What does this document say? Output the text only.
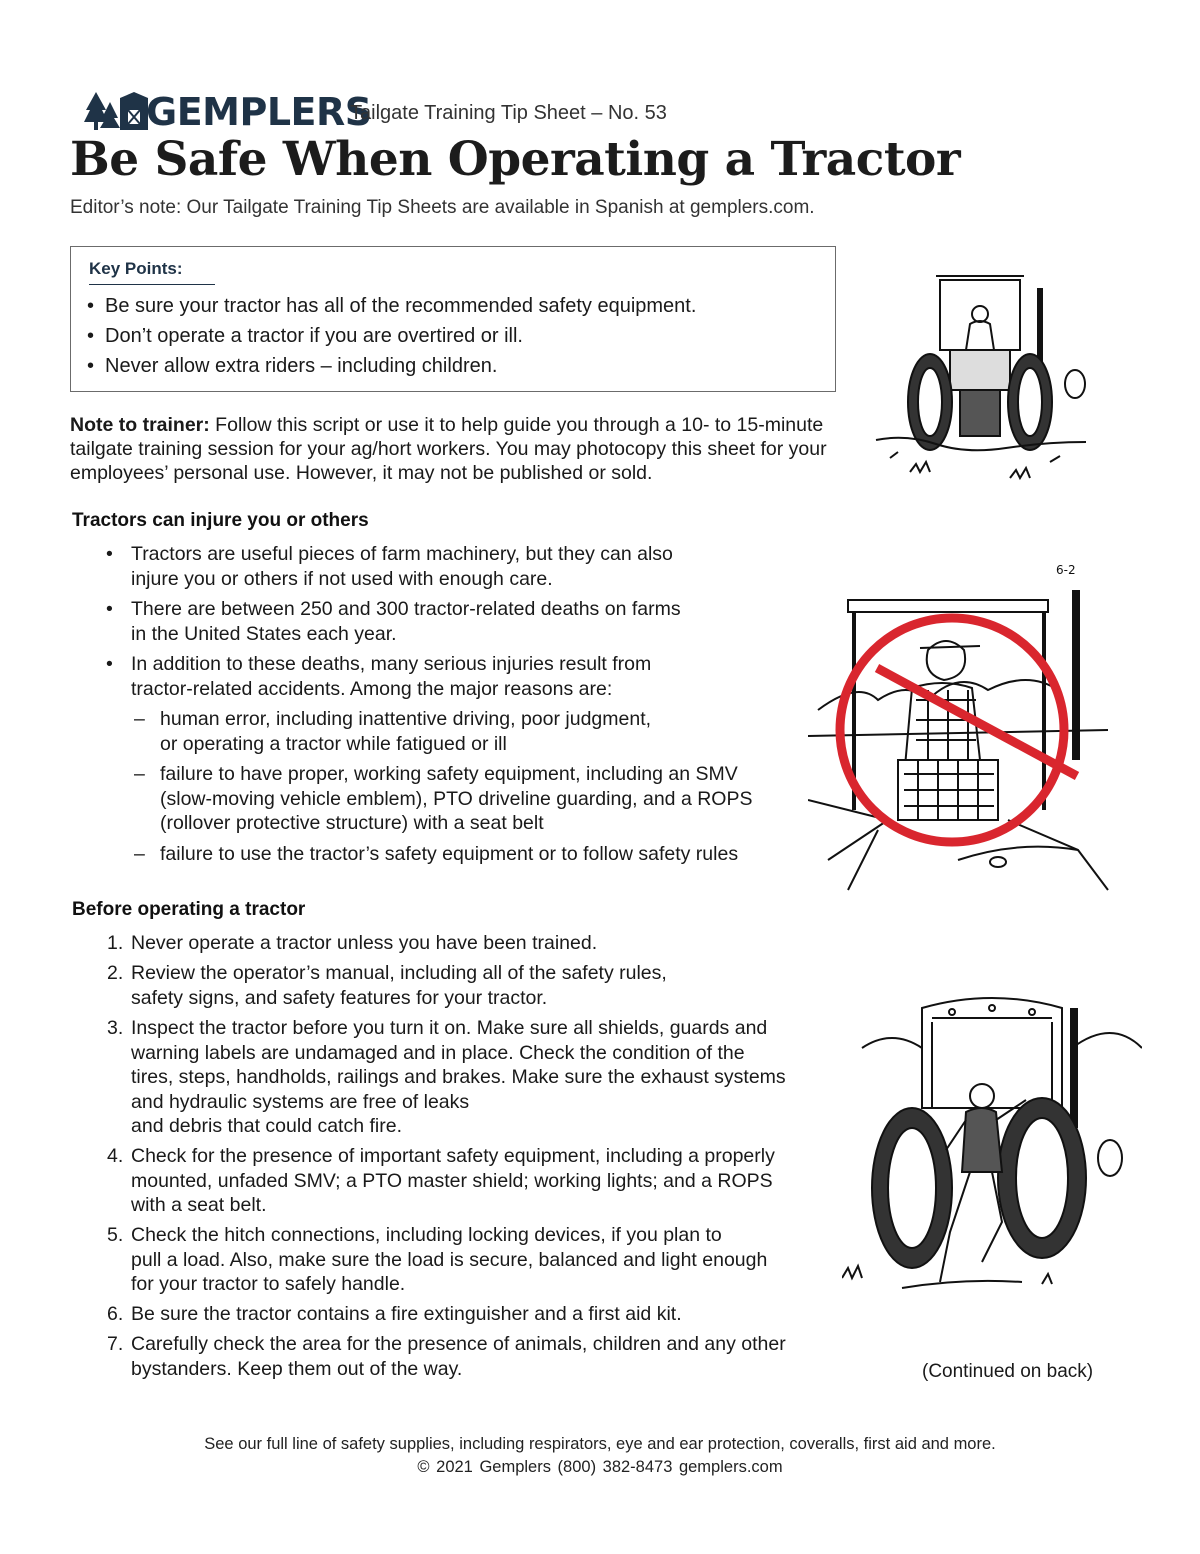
GEMPLERS
Tailgate Training Tip Sheet – No. 53
Be Safe When Operating a Tractor
Editor’s note: Our Tailgate Training Tip Sheets are available in Spanish at gemplers.com.
Key Points:
• Be sure your tractor has all of the recommended safety equipment.
• Don’t operate a tractor if you are overtired or ill.
• Never allow extra riders – including children.
Note to trainer: Follow this script or use it to help guide you through a 10- to 15-minute tailgate training session for your ag/hort workers. You may photocopy this sheet for your employees’ personal use. However, it may not be published or sold.
Tractors can injure you or others
• Tractors are useful pieces of farm machinery, but they can also
injure you or others if not used with enough care.
• There are between 250 and 300 tractor-related deaths on farms
in the United States each year.
• In addition to these deaths, many serious injuries result from
tractor-related accidents. Among the major reasons are:
– human error, including inattentive driving, poor judgment,
or operating a tractor while fatigued or ill
– failure to have proper, working safety equipment, including an SMV
(slow-moving vehicle emblem), PTO driveline guarding, and a ROPS
(rollover protective structure) with a seat belt
– failure to use the tractor’s safety equipment or to follow safety rules
Before operating a tractor
1. Never operate a tractor unless you have been trained.
2. Review the operator’s manual, including all of the safety rules,
safety signs, and safety features for your tractor.
3. Inspect the tractor before you turn it on. Make sure all shields, guards and
warning labels are undamaged and in place. Check the condition of the
tires, steps, handholds, railings and brakes. Make sure the exhaust systems
and hydraulic systems are free of leaks
and debris that could catch fire.
4. Check for the presence of important safety equipment, including a properly
mounted, unfaded SMV; a PTO master shield; working lights; and a ROPS
with a seat belt.
5. Check the hitch connections, including locking devices, if you plan to
pull a load. Also, make sure the load is secure, balanced and light enough
for your tractor to safely handle.
6. Be sure the tractor contains a fire extinguisher and a first aid kit.
7. Carefully check the area for the presence of animals, children and any other
bystanders. Keep them out of the way.	(Continued on back)
6-2
See our full line of safety supplies, including respirators, eye and ear protection, coveralls, first aid and more.
© 2021 Gemplers (800) 382-8473 gemplers.com
